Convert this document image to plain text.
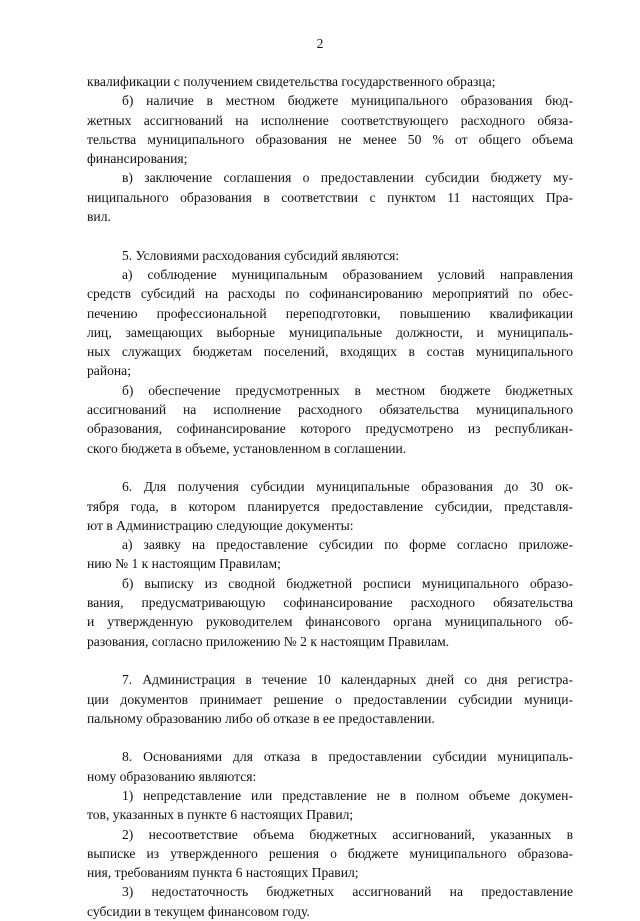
2
квалификации с получением свидетельства государственного образца;
б) наличие в местном бюджете муниципального образования бюд-
жетных ассигнований на исполнение соответствующего расходного обяза-
тельства муниципального образования не менее 50 % от общего объема
финансирования;
в) заключение соглашения о предоставлении субсидии бюджету му-
ниципального образования в соответствии с пунктом 11 настоящих Пра-
вил.
5. Условиями расходования субсидий являются:
а) соблюдение муниципальным образованием условий направления
средств субсидий на расходы по софинансированию мероприятий по обес-
печению профессиональной переподготовки, повышению квалификации
лиц, замещающих выборные муниципальные должности, и муниципаль-
ных служащих бюджетам поселений, входящих в состав муниципального
района;
б) обеспечение предусмотренных в местном бюджете бюджетных
ассигнований на исполнение расходного обязательства муниципального
образования, софинансирование которого предусмотрено из республикан-
ского бюджета в объеме, установленном в соглашении.
6. Для получения субсидии муниципальные образования до 30 ок-
тября года, в котором планируется предоставление субсидии, представля-
ют в Администрацию следующие документы:
а) заявку на предоставление субсидии по форме согласно приложе-
нию № 1 к настоящим Правилам;
б) выписку из сводной бюджетной росписи муниципального образо-
вания, предусматривающую софинансирование расходного обязательства
и утвержденную руководителем финансового органа муниципального об-
разования, согласно приложению № 2 к настоящим Правилам.
7. Администрация в течение 10 календарных дней со дня регистра-
ции документов принимает решение о предоставлении субсидии муници-
пальному образованию либо об отказе в ее предоставлении.
8. Основаниями для отказа в предоставлении субсидии муниципаль-
ному образованию являются:
1) непредставление или представление не в полном объеме докумен-
тов, указанных в пункте 6 настоящих Правил;
2) несоответствие объема бюджетных ассигнований, указанных в
выписке из утвержденного решения о бюджете муниципального образова-
ния, требованиям пункта 6 настоящих Правил;
3) недостаточность бюджетных ассигнований на предоставление
субсидии в текущем финансовом году.
